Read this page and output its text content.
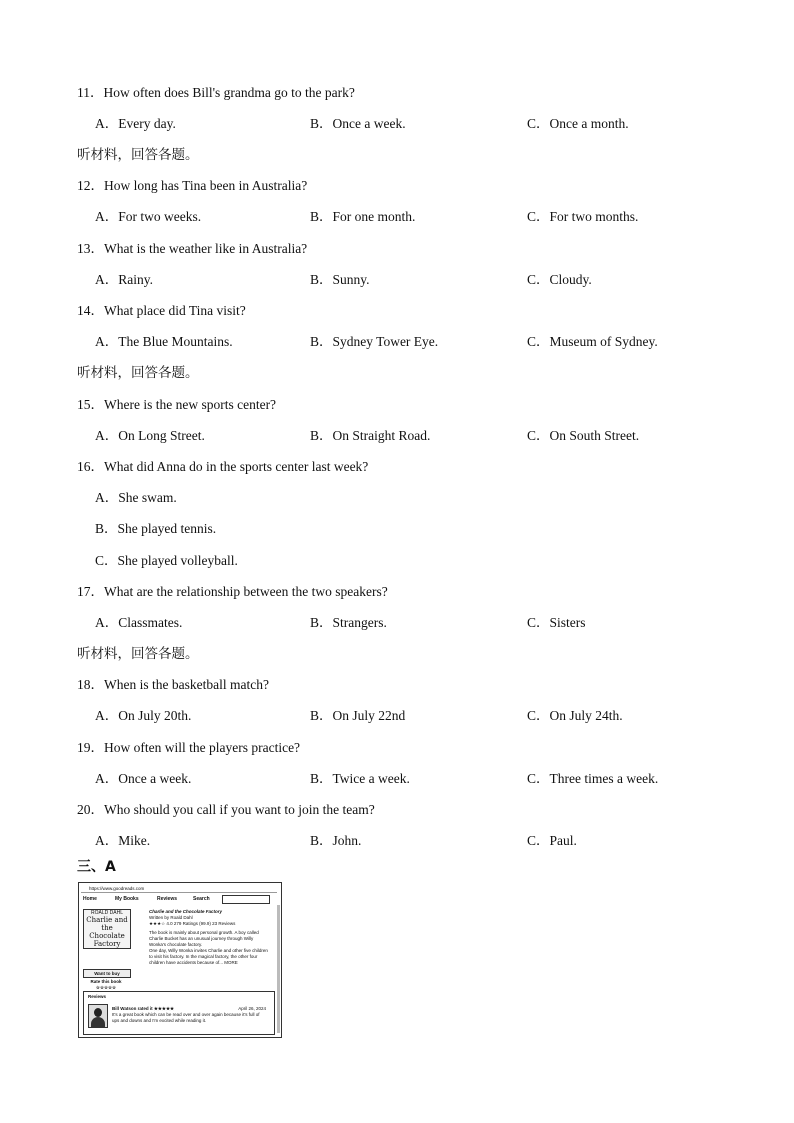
11．How often does Bill's grandma go to the park?
A．Every day.	B．Once a week.	C．Once a month.
听材料，回答各题。
12．How long has Tina been in Australia?
A．For two weeks.	B．For one month.	C．For two months.
13．What is the weather like in Australia?
A．Rainy.	B．Sunny.	C．Cloudy.
14．What place did Tina visit?
A．The Blue Mountains.	B．Sydney Tower Eye.	C．Museum of Sydney.
听材料，回答各题。
15．Where is the new sports center?
A．On Long Street.	B．On Straight Road.	C．On South Street.
16．What did Anna do in the sports center last week?
A．She swam.
B．She played tennis.
C．She played volleyball.
17．What are the relationship between the two speakers?
A．Classmates.	B．Strangers.	C．Sisters
听材料，回答各题。
18．When is the basketball match?
A．On July 20th.	B．On July 22nd	C．On July 24th.
19．How often will the players practice?
A．Once a week.	B．Twice a week.	C．Three times a week.
20．Who should you call if you want to join the team?
A．Mike.	B．John.	C．Paul.
三、A
https://www.goodreads.com
Home	My Books	Reviews	Search
ROALD DAHL
Charlie and the Chocolate Factory
Want to buy
Rate this book
☆☆☆☆☆
Charlie and the Chocolate Factory
Written by Roald Dahl
★★★☆ 4.0 279 Ratings (99.9) 23 Reviews
The book is mainly about personal growth. A boy called Charlie Bucket has an unusual journey through Willy Wonka's chocolate factory.
One day, Willy Wonka invites Charlie and other five children to visit his factory. In the magical factory, the other four children have accidents because of... MORE
Reviews
Bill Watson rated it ★★★★★	April 26, 2024
It's a great book which can be read over and over again because it's full of ups and downs and I'm excited while reading it.
